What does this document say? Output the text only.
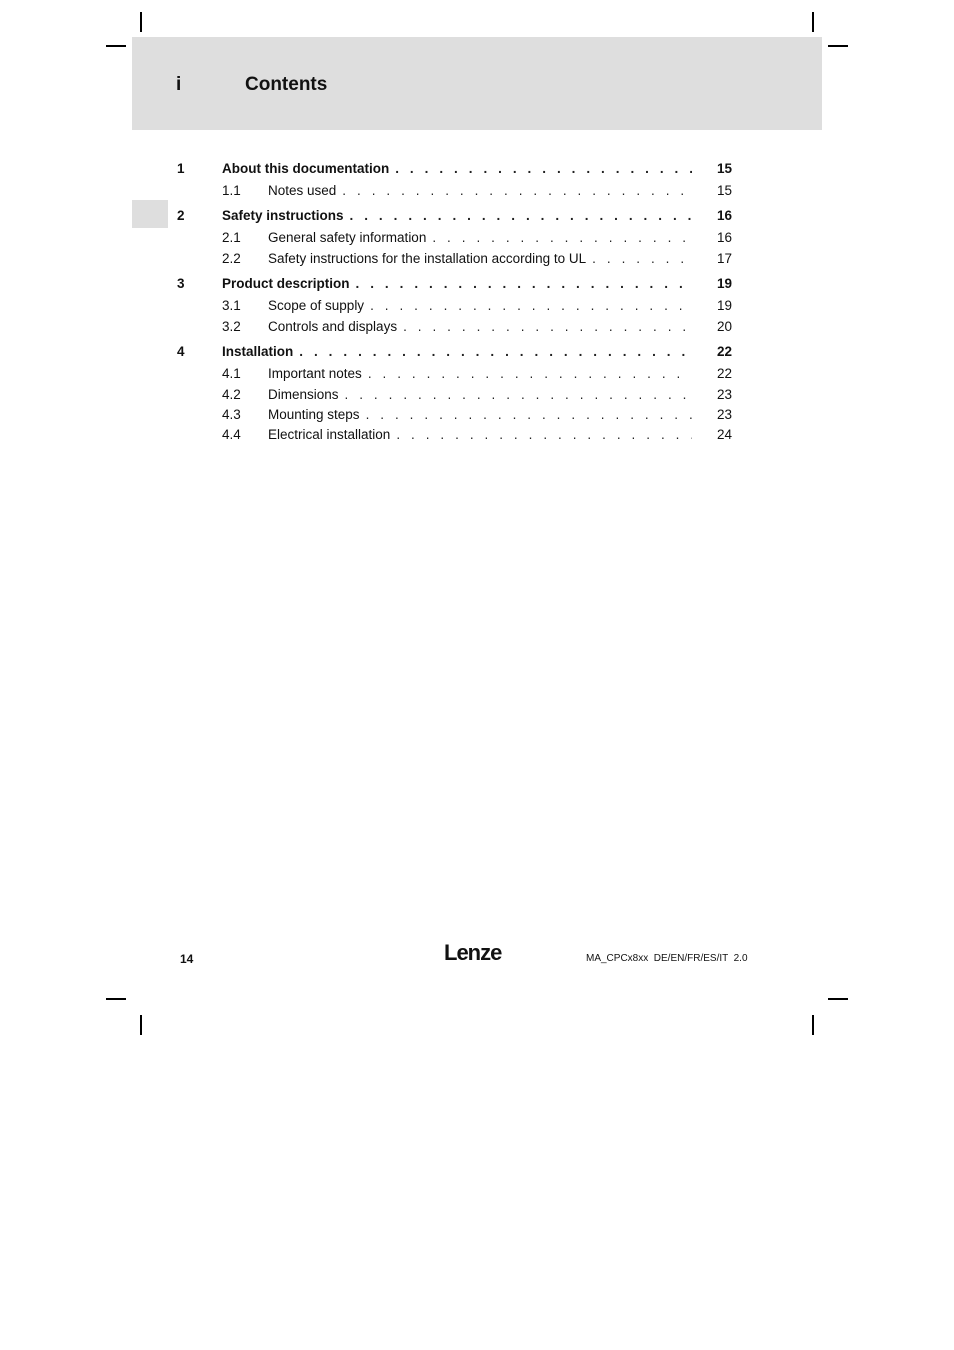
i	Contents
1	About this documentation . . .	15
1.1 Notes used . . .	15
2	Safety instructions . . .	16
2.1 General safety information . . .	16
2.2 Safety instructions for the installation according to UL . . .	17
3	Product description . . .	19
3.1 Scope of supply . . .	19
3.2 Controls and displays . . .	20
4	Installation . . .	22
4.1 Important notes . . .	22
4.2 Dimensions . . .	23
4.3 Mounting steps . . .	23
4.4 Electrical installation . . .	24
14	Lenze	MA_CPCx8xx  DE/EN/FR/ES/IT  2.0
